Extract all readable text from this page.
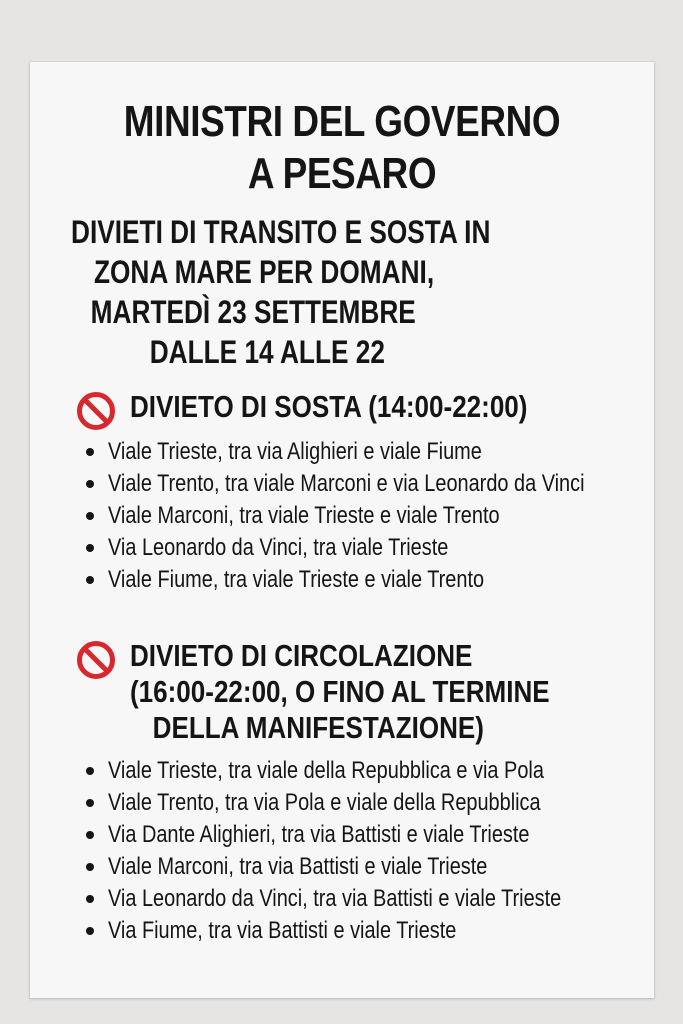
MINISTRI DEL GOVERNO
A PESARO
DIVIETI DI TRANSITO E SOSTA IN
ZONA MARE PER DOMANI,
MARTEDÌ 23 SETTEMBRE
DALLE 14 ALLE 22
DIVIETO DI SOSTA (14:00-22:00)
Viale Trieste, tra via Alighieri e viale Fiume
Viale Trento, tra viale Marconi e via Leonardo da Vinci
Viale Marconi, tra viale Trieste e viale Trento
Via Leonardo da Vinci, tra viale Trieste
Viale Fiume, tra viale Trieste e viale Trento
DIVIETO DI CIRCOLAZIONE
(16:00-22:00, O FINO AL TERMINE
DELLA MANIFESTAZIONE)
Viale Trieste, tra viale della Repubblica e via Pola
Viale Trento, tra via Pola e viale della Repubblica
Via Dante Alighieri, tra via Battisti e viale Trieste
Viale Marconi, tra via Battisti e viale Trieste
Via Leonardo da Vinci, tra via Battisti e viale Trieste
Via Fiume, tra via Battisti e viale Trieste
